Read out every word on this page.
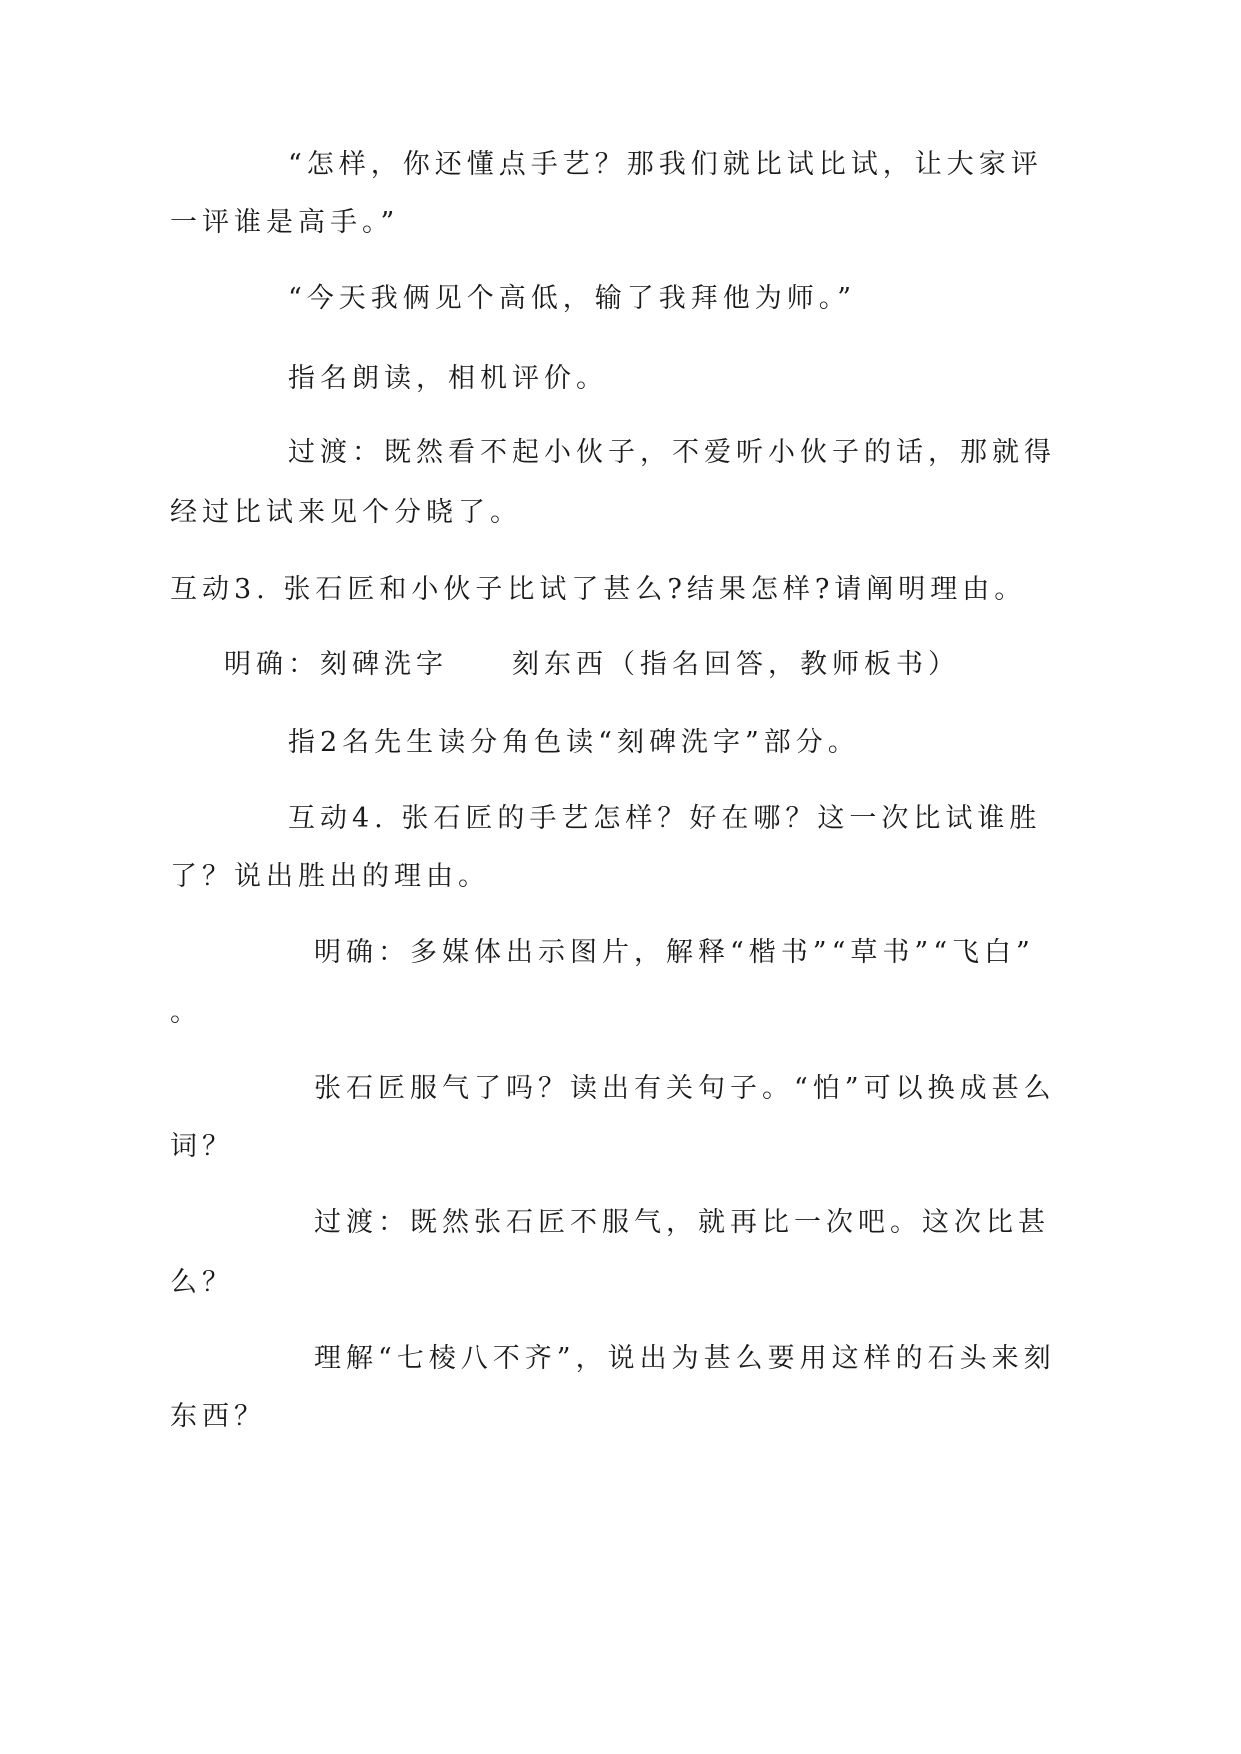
“怎样，你还懂点手艺？那我们就比试比试，让大家评
一评谁是高手。”
“今天我俩见个高低，输了我拜他为师。”
指名朗读，相机评价。
过渡：既然看不起小伙子，不爱听小伙子的话，那就得
经过比试来见个分晓了。
互动3. 张石匠和小伙子比试了甚么?结果怎样?请阐明理由。
明确：刻碑洗字　　刻东西（指名回答，教师板书）
指2名先生读分角色读“刻碑洗字”部分。
互动4. 张石匠的手艺怎样？好在哪？这一次比试谁胜
了？说出胜出的理由。
明确：多媒体出示图片，解释“楷书”“草书”“飞白”
。
张石匠服气了吗？读出有关句子。“怕”可以换成甚么
词？
过渡：既然张石匠不服气，就再比一次吧。这次比甚
么？
理解“七棱八不齐”，说出为甚么要用这样的石头来刻
东西？
